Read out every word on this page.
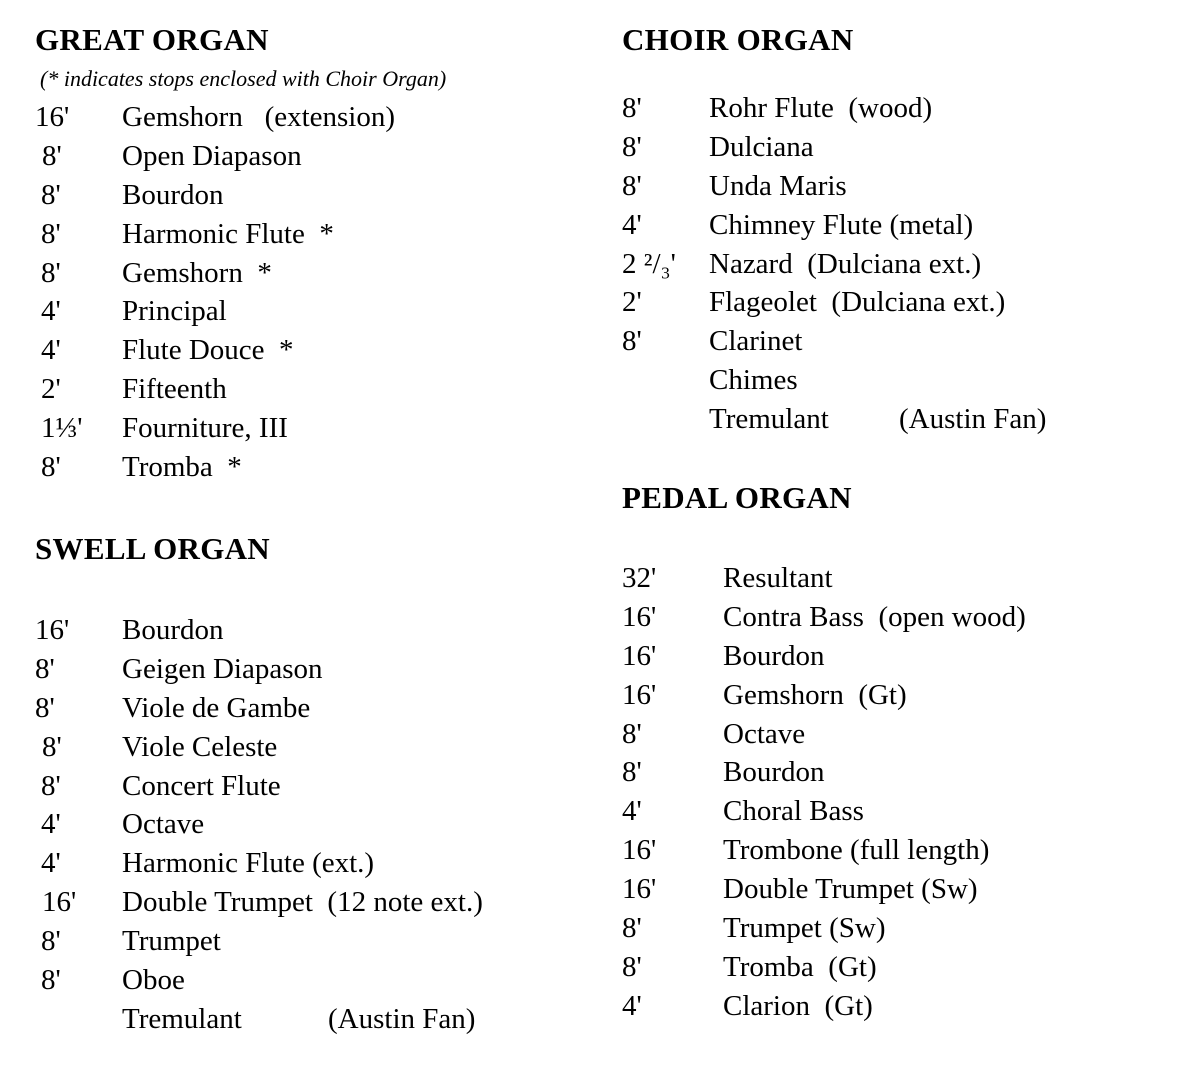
GREAT ORGAN
(* indicates stops enclosed with Choir Organ)
16' Gemshorn   (extension)
8' Open Diapason
8' Bourdon
8' Harmonic Flute  *
8' Gemshorn  *
4' Principal
4' Flute Douce  *
2' Fifteenth
1⅓' Fourniture, III
8' Tromba  *
SWELL ORGAN
16' Bourdon
8' Geigen Diapason
8' Viole de Gambe
8' Viole Celeste
8' Concert Flute
4' Octave
4' Harmonic Flute (ext.)
16' Double Trumpet  (12 note ext.)
8' Trumpet
8' Oboe
Tremulant	(Austin Fan)
CHOIR ORGAN
8' Rohr Flute  (wood)
8' Dulciana
8' Unda Maris
4' Chimney Flute (metal)
2 ²/₃' Nazard  (Dulciana ext.)
2' Flageolet  (Dulciana ext.)
8' Clarinet
Chimes
Tremulant (Austin Fan)
PEDAL ORGAN
32' Resultant
16' Contra Bass  (open wood)
16' Bourdon
16' Gemshorn  (Gt)
8'	Octave
8'	Bourdon
4'	Choral Bass
16' Trombone (full length)
16' Double Trumpet (Sw)
8'	Trumpet (Sw)
8'	Tromba  (Gt)
4'	Clarion  (Gt)
